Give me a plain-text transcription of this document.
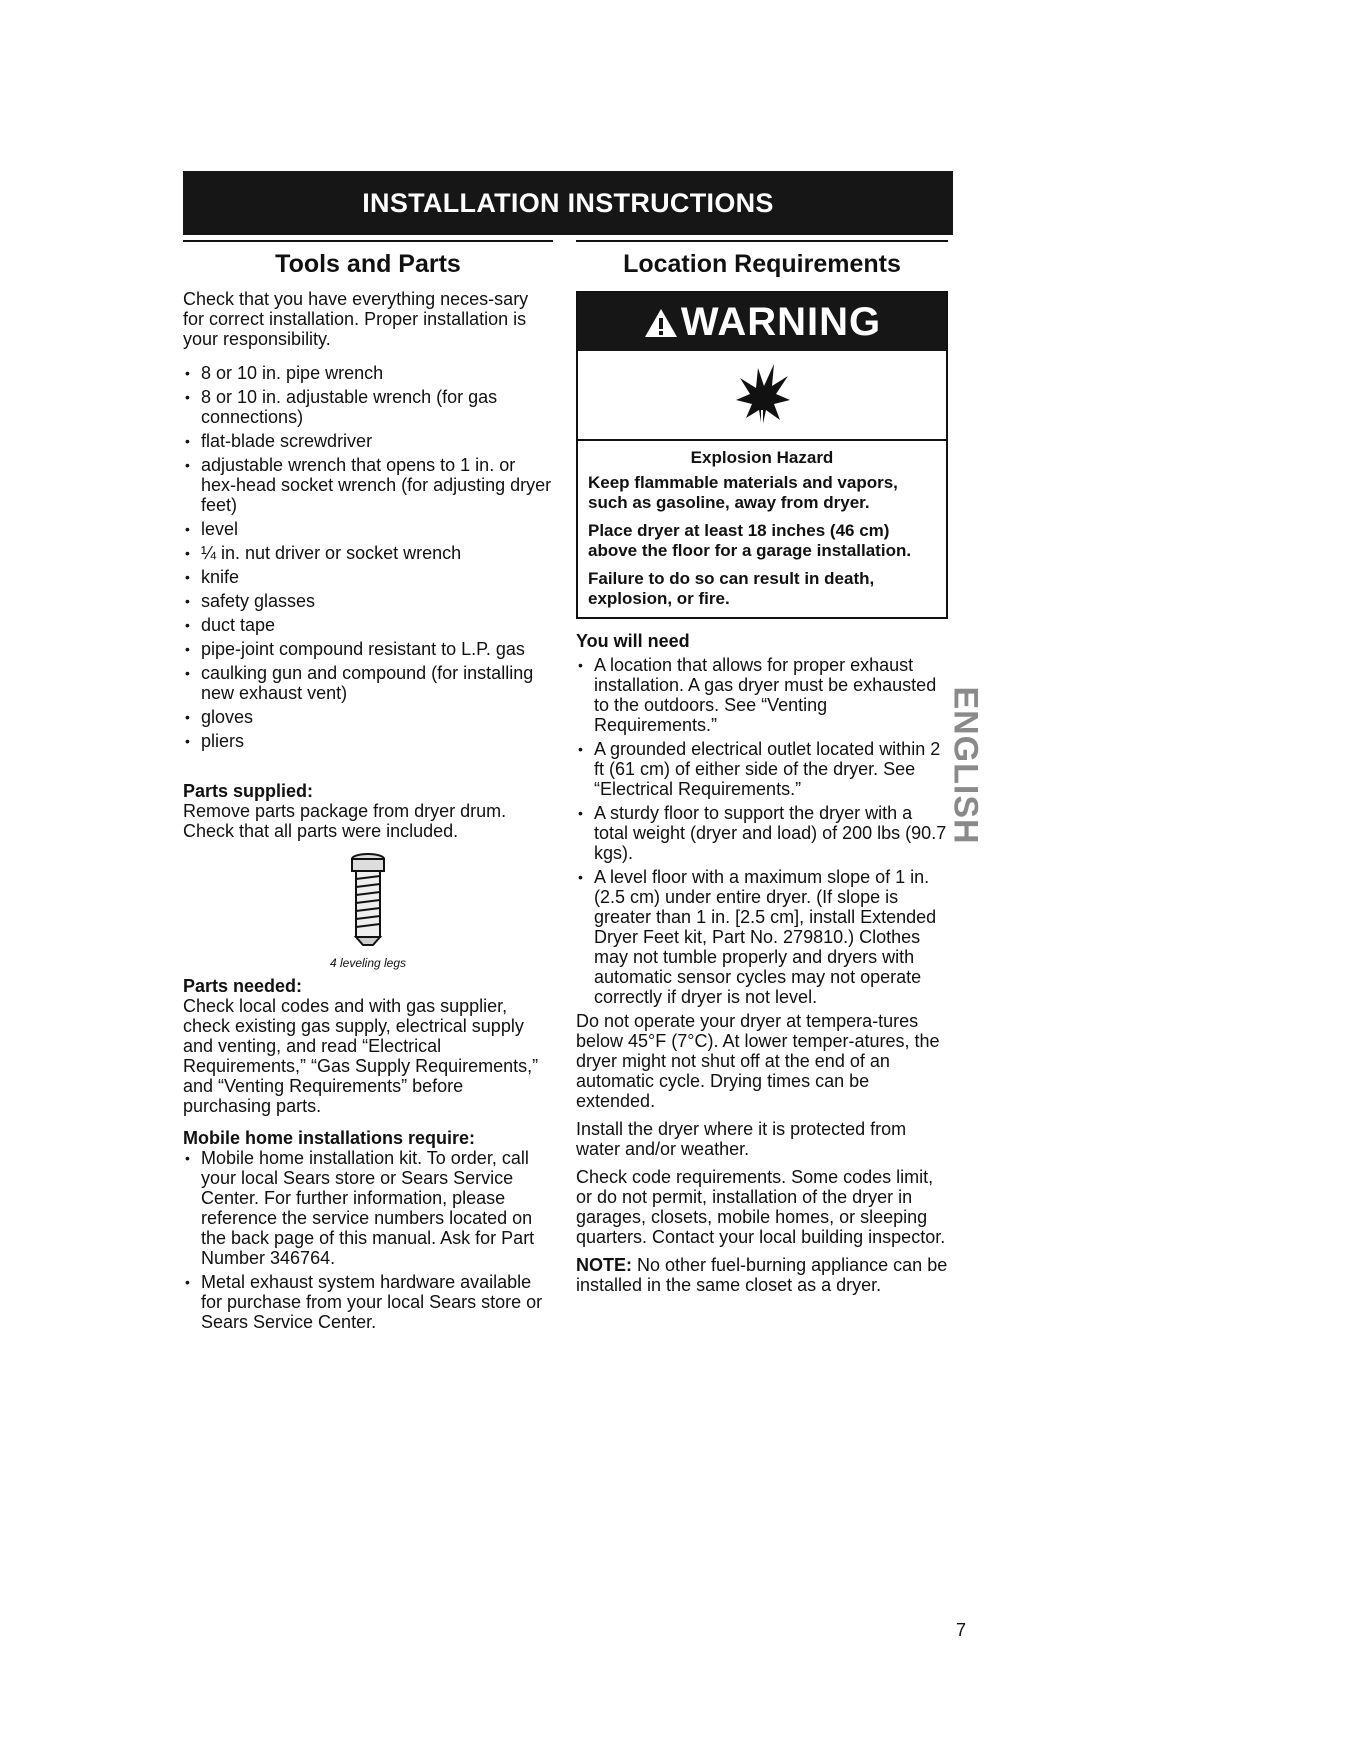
INSTALLATION INSTRUCTIONS
Tools and Parts
Check that you have everything neces-sary for correct installation. Proper installation is your responsibility.
• 8 or 10 in. pipe wrench
• 8 or 10 in. adjustable wrench (for gas connections)
• flat-blade screwdriver
• adjustable wrench that opens to 1 in. or hex-head socket wrench (for adjusting dryer feet)
• level
• ¼ in. nut driver or socket wrench
• knife
• safety glasses
• duct tape
• pipe-joint compound resistant to L.P. gas
• caulking gun and compound (for installing new exhaust vent)
• gloves
• pliers
Parts supplied:
Remove parts package from dryer drum. Check that all parts were included.
4 leveling legs
Parts needed:
Check local codes and with gas supplier, check existing gas supply, electrical supply and venting, and read “Electrical Requirements,” “Gas Supply Requirements,” and “Venting Requirements” before purchasing parts.
Mobile home installations require:
• Mobile home installation kit. To order, call your local Sears store or Sears Service Center. For further information, please reference the service numbers located on the back page of this manual. Ask for Part Number 346764.
• Metal exhaust system hardware available for purchase from your local Sears store or Sears Service Center.
Location Requirements
WARNING
Explosion Hazard
Keep flammable materials and vapors, such as gasoline, away from dryer.
Place dryer at least 18 inches (46 cm) above the floor for a garage installation.
Failure to do so can result in death, explosion, or fire.
You will need
• A location that allows for proper exhaust installation. A gas dryer must be exhausted to the outdoors. See “Venting Requirements.”
• A grounded electrical outlet located within 2 ft (61 cm) of either side of the dryer. See “Electrical Requirements.”
• A sturdy floor to support the dryer with a total weight (dryer and load) of 200 lbs (90.7 kgs).
• A level floor with a maximum slope of 1 in. (2.5 cm) under entire dryer. (If slope is greater than 1 in. [2.5 cm], install Extended Dryer Feet kit, Part No. 279810.) Clothes may not tumble properly and dryers with automatic sensor cycles may not operate correctly if dryer is not level.
Do not operate your dryer at tempera-tures below 45°F (7°C). At lower temper-atures, the dryer might not shut off at the end of an automatic cycle. Drying times can be extended.
Install the dryer where it is protected from water and/or weather.
Check code requirements. Some codes limit, or do not permit, installation of the dryer in garages, closets, mobile homes, or sleeping quarters. Contact your local building inspector.
NOTE: No other fuel-burning appliance can be installed in the same closet as a dryer.
ENGLISH
7
